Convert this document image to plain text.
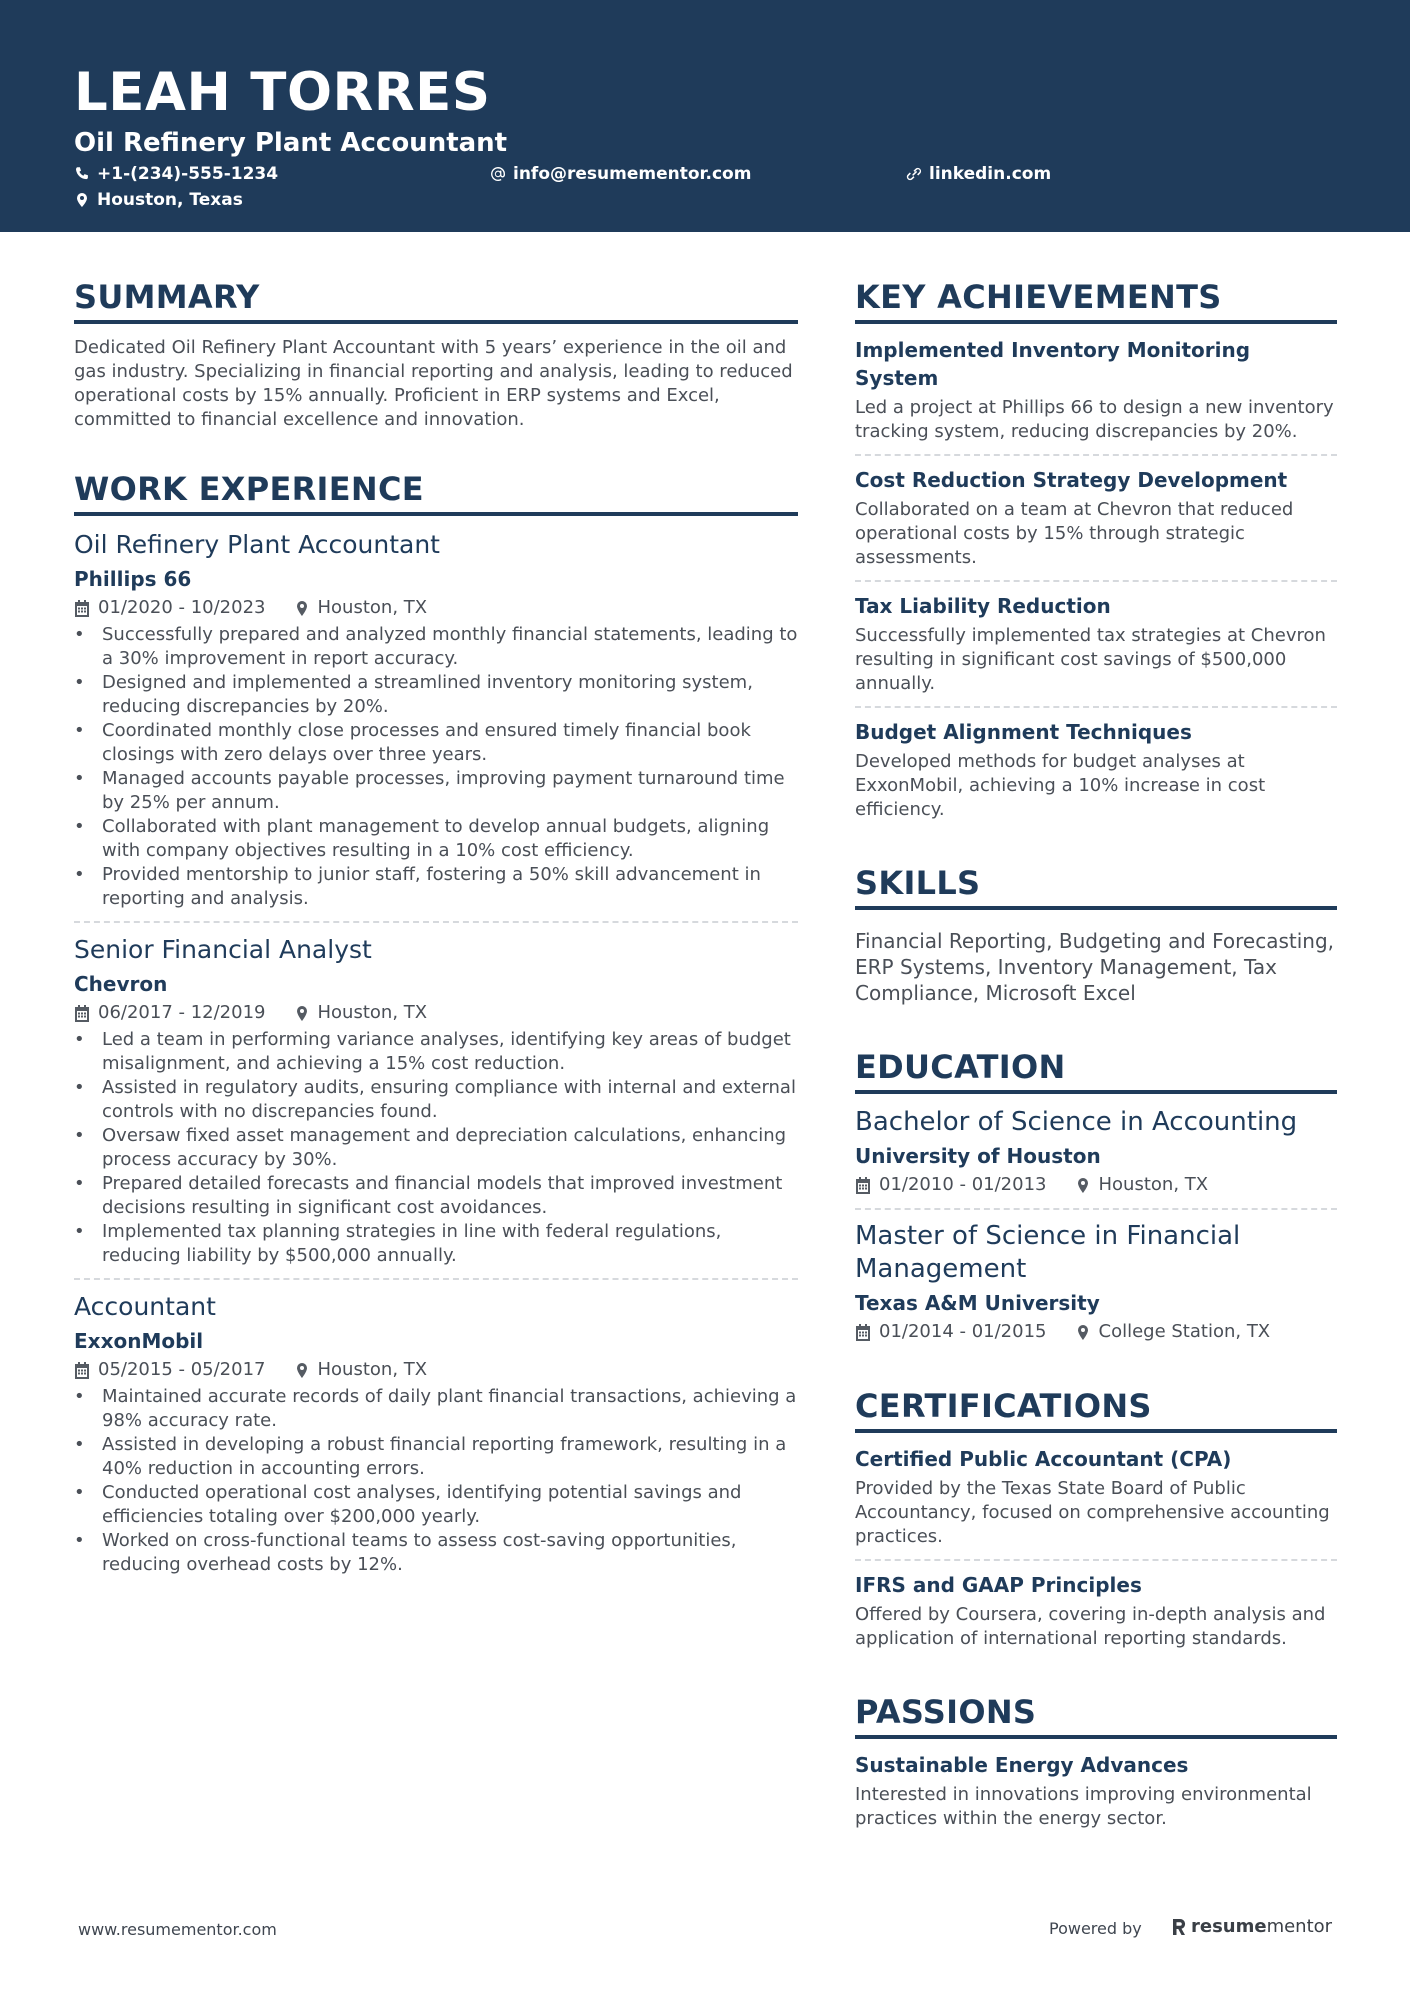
LEAH TORRES
Oil Refinery Plant Accountant
+1-(234)-555-1234	info@resumementor.com	linkedin.com
Houston, Texas
SUMMARY
Dedicated Oil Refinery Plant Accountant with 5 years’ experience in the oil and gas industry. Specializing in financial reporting and analysis, leading to reduced operational costs by 15% annually. Proficient in ERP systems and Excel, committed to financial excellence and innovation.
WORK EXPERIENCE
Oil Refinery Plant Accountant
Phillips 66
01/2020 - 10/2023	Houston, TX
• Successfully prepared and analyzed monthly financial statements, leading to a 30% improvement in report accuracy.
• Designed and implemented a streamlined inventory monitoring system, reducing discrepancies by 20%.
• Coordinated monthly close processes and ensured timely financial book closings with zero delays over three years.
• Managed accounts payable processes, improving payment turnaround time by 25% per annum.
• Collaborated with plant management to develop annual budgets, aligning with company objectives resulting in a 10% cost efficiency.
• Provided mentorship to junior staff, fostering a 50% skill advancement in reporting and analysis.
Senior Financial Analyst
Chevron
06/2017 - 12/2019	Houston, TX
• Led a team in performing variance analyses, identifying key areas of budget misalignment, and achieving a 15% cost reduction.
• Assisted in regulatory audits, ensuring compliance with internal and external controls with no discrepancies found.
• Oversaw fixed asset management and depreciation calculations, enhancing process accuracy by 30%.
• Prepared detailed forecasts and financial models that improved investment decisions resulting in significant cost avoidances.
• Implemented tax planning strategies in line with federal regulations, reducing liability by $500,000 annually.
Accountant
ExxonMobil
05/2015 - 05/2017	Houston, TX
• Maintained accurate records of daily plant financial transactions, achieving a 98% accuracy rate.
• Assisted in developing a robust financial reporting framework, resulting in a 40% reduction in accounting errors.
• Conducted operational cost analyses, identifying potential savings and efficiencies totaling over $200,000 yearly.
• Worked on cross-functional teams to assess cost-saving opportunities, reducing overhead costs by 12%.
KEY ACHIEVEMENTS
Implemented Inventory Monitoring System
Led a project at Phillips 66 to design a new inventory tracking system, reducing discrepancies by 20%.
Cost Reduction Strategy Development
Collaborated on a team at Chevron that reduced operational costs by 15% through strategic assessments.
Tax Liability Reduction
Successfully implemented tax strategies at Chevron resulting in significant cost savings of $500,000 annually.
Budget Alignment Techniques
Developed methods for budget analyses at ExxonMobil, achieving a 10% increase in cost efficiency.
SKILLS
Financial Reporting, Budgeting and Forecasting, ERP Systems, Inventory Management, Tax Compliance, Microsoft Excel
EDUCATION
Bachelor of Science in Accounting
University of Houston
01/2010 - 01/2013	Houston, TX
Master of Science in Financial Management
Texas A&M University
01/2014 - 01/2015	College Station, TX
CERTIFICATIONS
Certified Public Accountant (CPA)
Provided by the Texas State Board of Public Accountancy, focused on comprehensive accounting practices.
IFRS and GAAP Principles
Offered by Coursera, covering in-depth analysis and application of international reporting standards.
PASSIONS
Sustainable Energy Advances
Interested in innovations improving environmental practices within the energy sector.
www.resumementor.com	Powered by	resumementor
